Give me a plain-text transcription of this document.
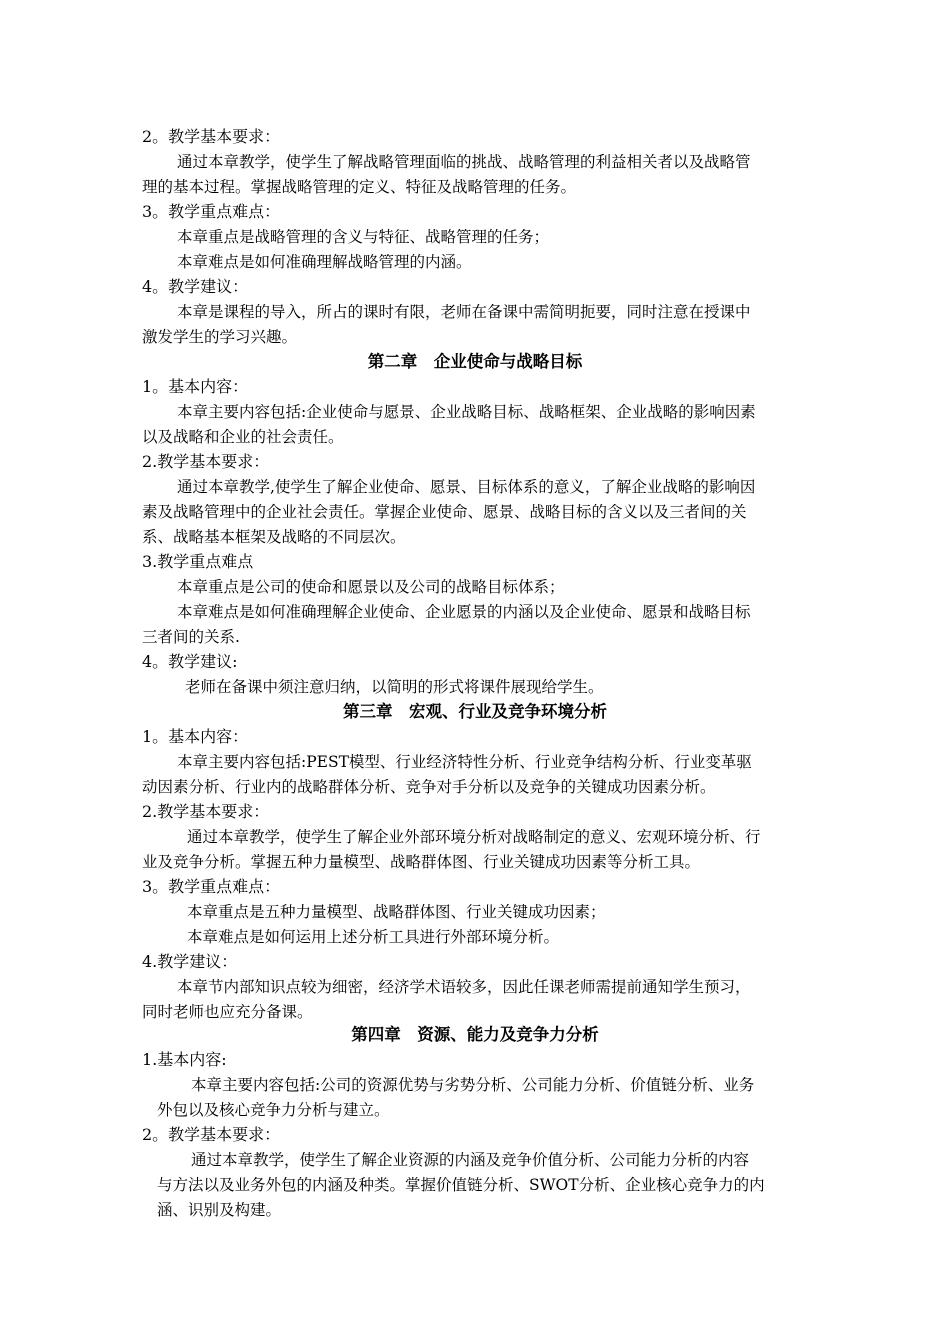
2。教学基本要求：
通过本章教学，使学生了解战略管理面临的挑战、战略管理的利益相关者以及战略管
理的基本过程。掌握战略管理的定义、特征及战略管理的任务。
3。教学重点难点：
本章重点是战略管理的含义与特征、战略管理的任务；
本章难点是如何准确理解战略管理的内涵。
4。教学建议：
本章是课程的导入，所占的课时有限，老师在备课中需简明扼要，同时注意在授课中
激发学生的学习兴趣。
第二章　企业使命与战略目标
1。基本内容：
本章主要内容包括:企业使命与愿景、企业战略目标、战略框架、企业战略的影响因素
以及战略和企业的社会责任。
2.教学基本要求：
通过本章教学,使学生了解企业使命、愿景、目标体系的意义，了解企业战略的影响因
素及战略管理中的企业社会责任。掌握企业使命、愿景、战略目标的含义以及三者间的关
系、战略基本框架及战略的不同层次。
3.教学重点难点
本章重点是公司的使命和愿景以及公司的战略目标体系；
本章难点是如何准确理解企业使命、企业愿景的内涵以及企业使命、愿景和战略目标
三者间的关系.
4。教学建议:
老师在备课中须注意归纳，以简明的形式将课件展现给学生。
第三章　宏观、行业及竞争环境分析
1。基本内容：
本章主要内容包括:PEST模型、行业经济特性分析、行业竞争结构分析、行业变革驱
动因素分析、行业内的战略群体分析、竞争对手分析以及竞争的关键成功因素分析。
2.教学基本要求：
通过本章教学，使学生了解企业外部环境分析对战略制定的意义、宏观环境分析、行
业及竞争分析。掌握五种力量模型、战略群体图、行业关键成功因素等分析工具。
3。教学重点难点：
本章重点是五种力量模型、战略群体图、行业关键成功因素；
本章难点是如何运用上述分析工具进行外部环境分析。
4.教学建议：
本章节内部知识点较为细密，经济学术语较多，因此任课老师需提前通知学生预习，
同时老师也应充分备课。
第四章　资源、能力及竞争力分析
1.基本内容:
本章主要内容包括:公司的资源优势与劣势分析、公司能力分析、价值链分析、业务
外包以及核心竞争力分析与建立。
2。教学基本要求：
通过本章教学，使学生了解企业资源的内涵及竞争价值分析、公司能力分析的内容
与方法以及业务外包的内涵及种类。掌握价值链分析、SWOT分析、企业核心竞争力的内
涵、识别及构建。
